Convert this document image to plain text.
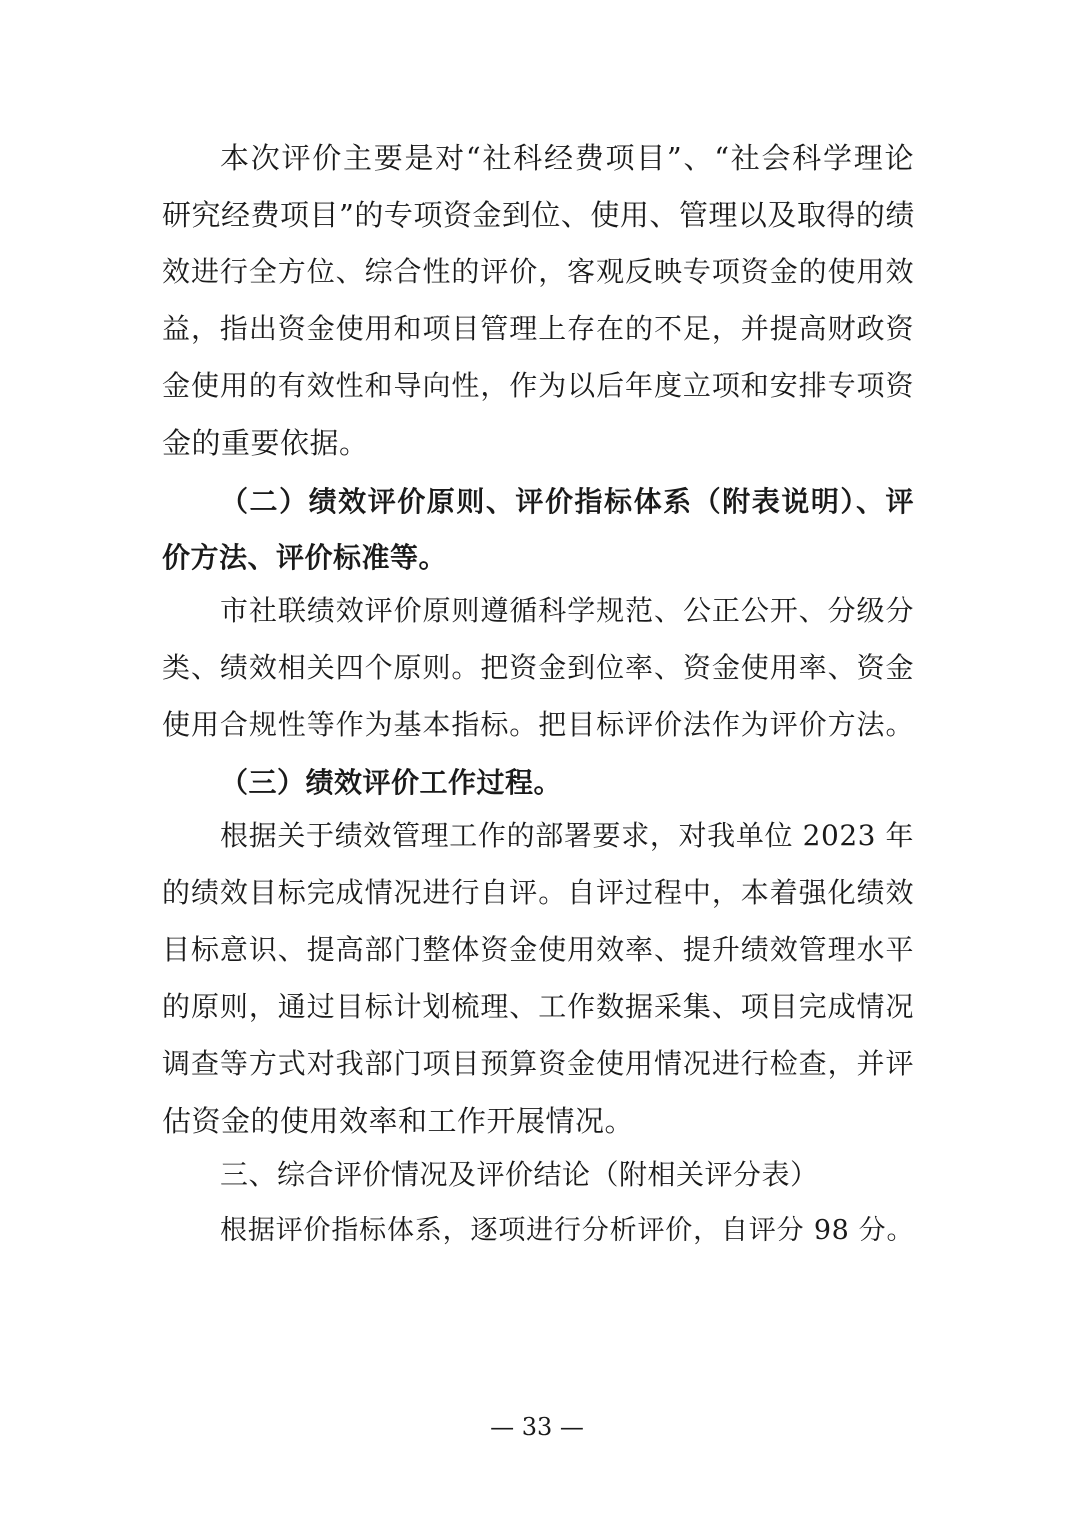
本次评价主要是对“社科经费项目”、“社会科学理论
研究经费项目”的专项资金到位、使用、管理以及取得的绩
效进行全方位、综合性的评价，客观反映专项资金的使用效
益，指出资金使用和项目管理上存在的不足，并提高财政资
金使用的有效性和导向性，作为以后年度立项和安排专项资
金的重要依据。
（二）绩效评价原则、评价指标体系（附表说明）、评
价方法、评价标准等。
市社联绩效评价原则遵循科学规范、公正公开、分级分
类、绩效相关四个原则。把资金到位率、资金使用率、资金
使用合规性等作为基本指标。把目标评价法作为评价方法。
（三）绩效评价工作过程。
根据关于绩效管理工作的部署要求，对我单位 2023 年
的绩效目标完成情况进行自评。自评过程中，本着强化绩效
目标意识、提高部门整体资金使用效率、提升绩效管理水平
的原则，通过目标计划梳理、工作数据采集、项目完成情况
调查等方式对我部门项目预算资金使用情况进行检查，并评
估资金的使用效率和工作开展情况。
三、综合评价情况及评价结论（附相关评分表）
根据评价指标体系，逐项进行分析评价，自评分 98 分。
— 33 —
